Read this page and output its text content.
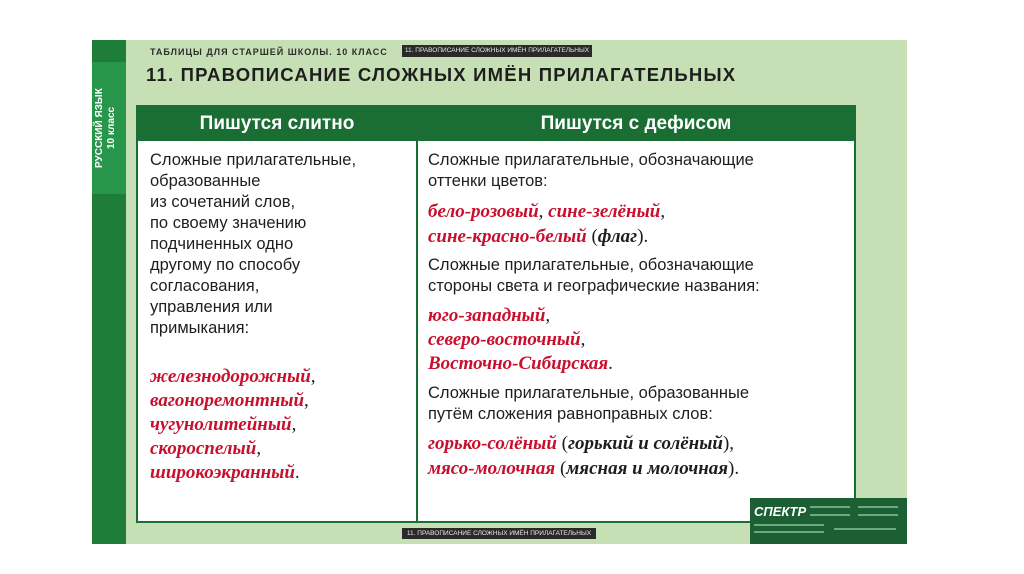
РУССКИЙ ЯЗЫК
10 класс
ТАБЛИЦЫ ДЛЯ СТАРШЕЙ ШКОЛЫ. 10 КЛАСС	11. ПРАВОПИСАНИЕ СЛОЖНЫХ ИМЁН ПРИЛАГАТЕЛЬНЫХ
11. ПРАВОПИСАНИЕ СЛОЖНЫХ ИМЁН ПРИЛАГАТЕЛЬНЫХ
Пишутся слитно	Пишутся с дефисом
Сложные прилагательные,
образованные
из сочетаний слов,
по своему значению
подчиненных одно
другому по способу
согласования,
управления или
примыкания:
железнодорожный,
вагоноремонтный,
чугунолитейный,
скороспелый,
широкоэкранный.
Сложные прилагательные, обозначающие
оттенки цветов:
бело-розовый, сине-зелёный,
сине-красно-белый (флаг).
Сложные прилагательные, обозначающие
стороны света и географические названия:
юго-западный,
северо-восточный,
Восточно-Сибирская.
Сложные прилагательные, образованные
путём сложения равноправных слов:
горько-солёный (горький и солёный),
мясо-молочная (мясная и молочная).
11. ПРАВОПИСАНИЕ СЛОЖНЫХ ИМЁН ПРИЛАГАТЕЛЬНЫХ
СПЕКТР
